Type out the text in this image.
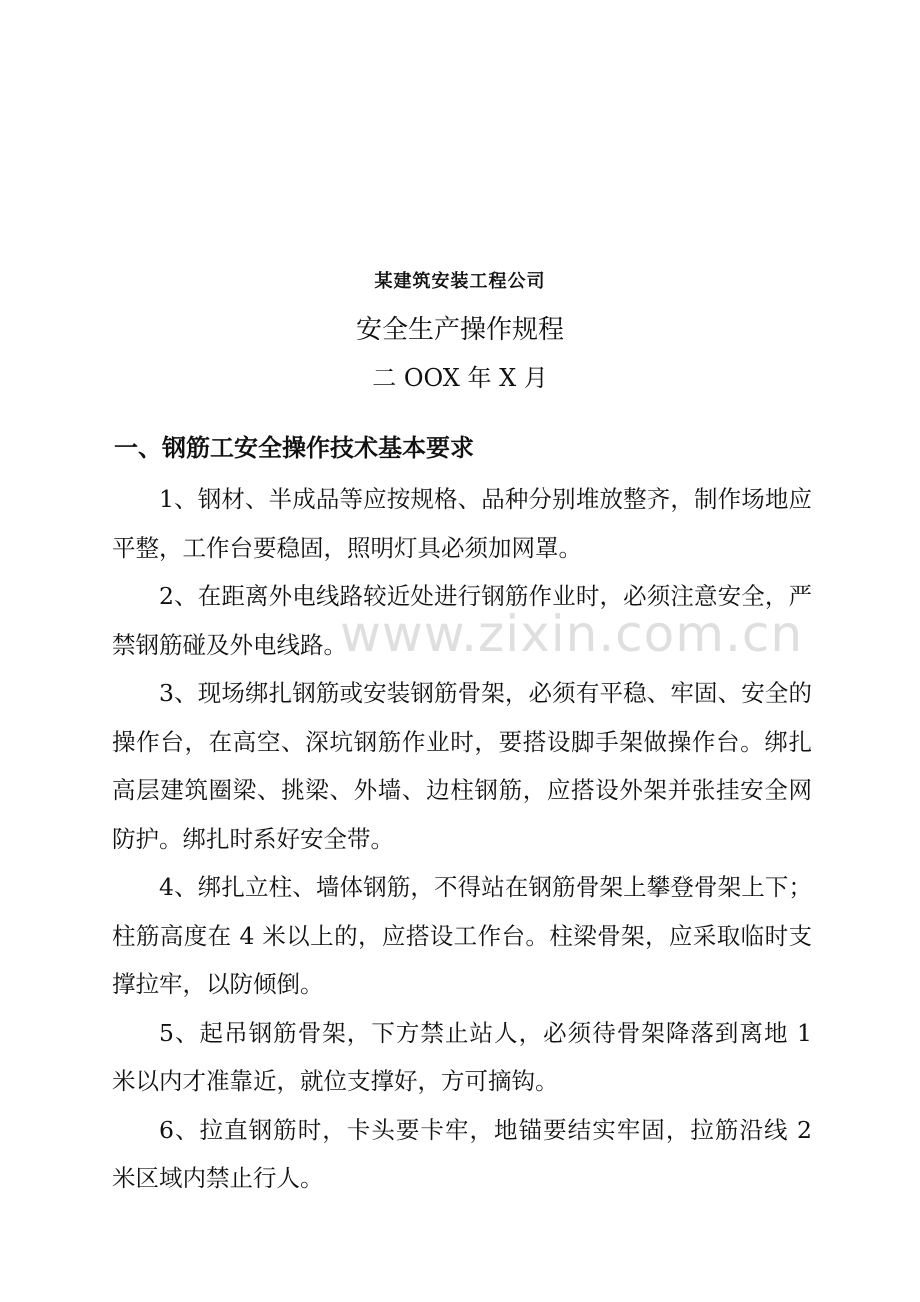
某建筑安装工程公司
安全生产操作规程
二 OOX 年 X 月
一、钢筋工安全操作技术基本要求

1、钢材、半成品等应按规格、品种分别堆放整齐，制作场地应平整，工作台要稳固，照明灯具必须加网罩。

2、在距离外电线路较近处进行钢筋作业时，必须注意安全，严禁钢筋碰及外电线路。

3、现场绑扎钢筋或安装钢筋骨架，必须有平稳、牢固、安全的操作台，在高空、深坑钢筋作业时，要搭设脚手架做操作台。绑扎高层建筑圈梁、挑梁、外墙、边柱钢筋，应搭设外架并张挂安全网防护。绑扎时系好安全带。

4、绑扎立柱、墙体钢筋，不得站在钢筋骨架上攀登骨架上下；柱筋高度在 4 米以上的，应搭设工作台。柱梁骨架，应采取临时支撑拉牢，以防倾倒。

5、起吊钢筋骨架，下方禁止站人，必须待骨架降落到离地 1 米以内才准靠近，就位支撑好，方可摘钩。

6、拉直钢筋时，卡头要卡牢，地锚要结实牢固，拉筋沿线 2 米区域内禁止行人。

www.zixin.com.cn
